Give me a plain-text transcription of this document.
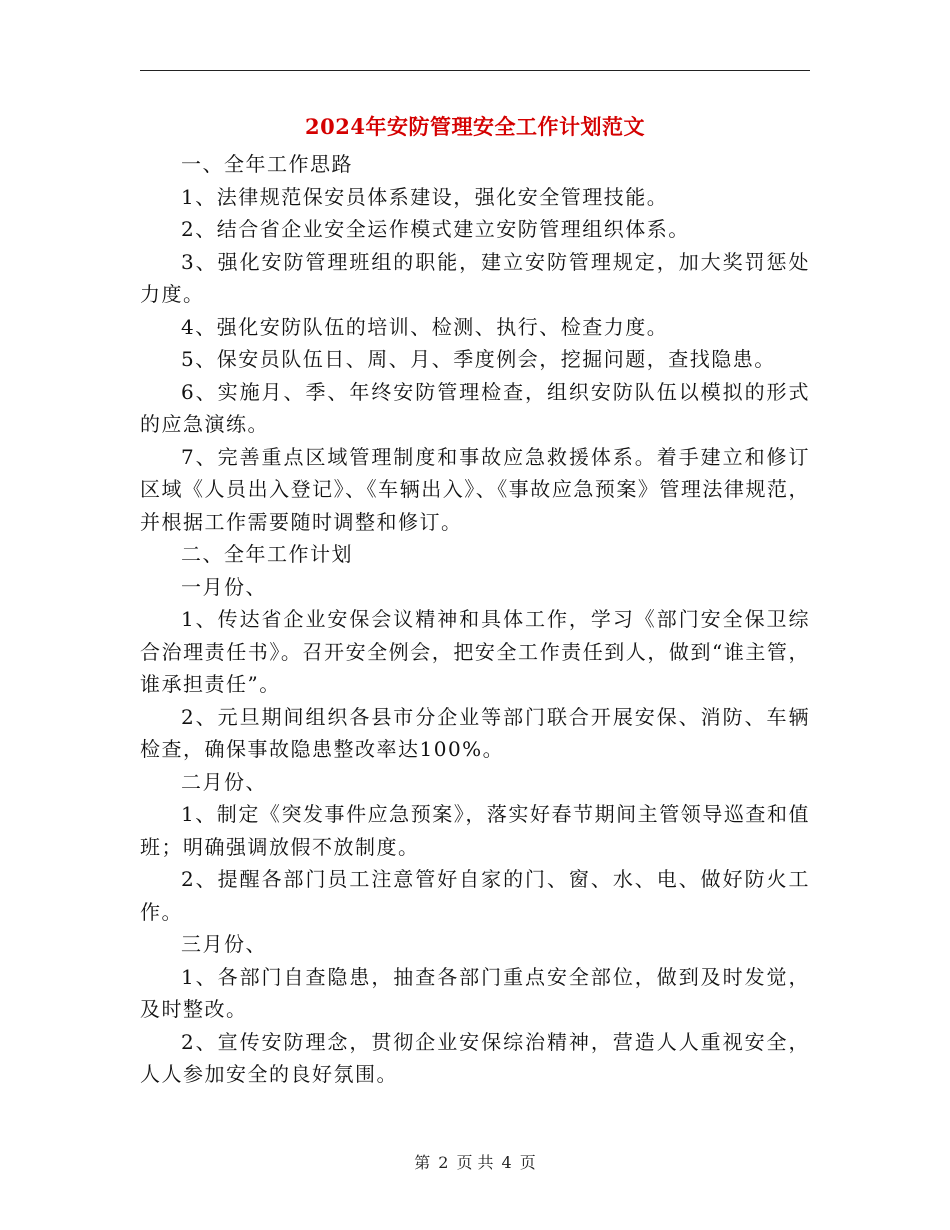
2024年安防管理安全工作计划范文

一、全年工作思路

1、法律规范保安员体系建设，强化安全管理技能。

2、结合省企业安全运作模式建立安防管理组织体系。

3、强化安防管理班组的职能，建立安防管理规定，加大奖罚惩处力度。

4、强化安防队伍的培训、检测、执行、检查力度。

5、保安员队伍日、周、月、季度例会，挖掘问题，查找隐患。

6、实施月、季、年终安防管理检查，组织安防队伍以模拟的形式的应急演练。

7、完善重点区域管理制度和事故应急救援体系。着手建立和修订区域《人员出入登记》、《车辆出入》、《事故应急预案》管理法律规范，并根据工作需要随时调整和修订。

二、全年工作计划

一月份、

1、传达省企业安保会议精神和具体工作，学习《部门安全保卫综合治理责任书》。召开安全例会，把安全工作责任到人，做到“谁主管，谁承担责任”。

2、元旦期间组织各县市分企业等部门联合开展安保、消防、车辆检查，确保事故隐患整改率达100%。

二月份、

1、制定《突发事件应急预案》，落实好春节期间主管领导巡查和值班；明确强调放假不放制度。

2、提醒各部门员工注意管好自家的门、窗、水、电、做好防火工作。

三月份、

1、各部门自查隐患，抽查各部门重点安全部位，做到及时发觉，及时整改。

2、宣传安防理念，贯彻企业安保综治精神，营造人人重视安全，人人参加安全的良好氛围。

第 2 页 共 4 页
